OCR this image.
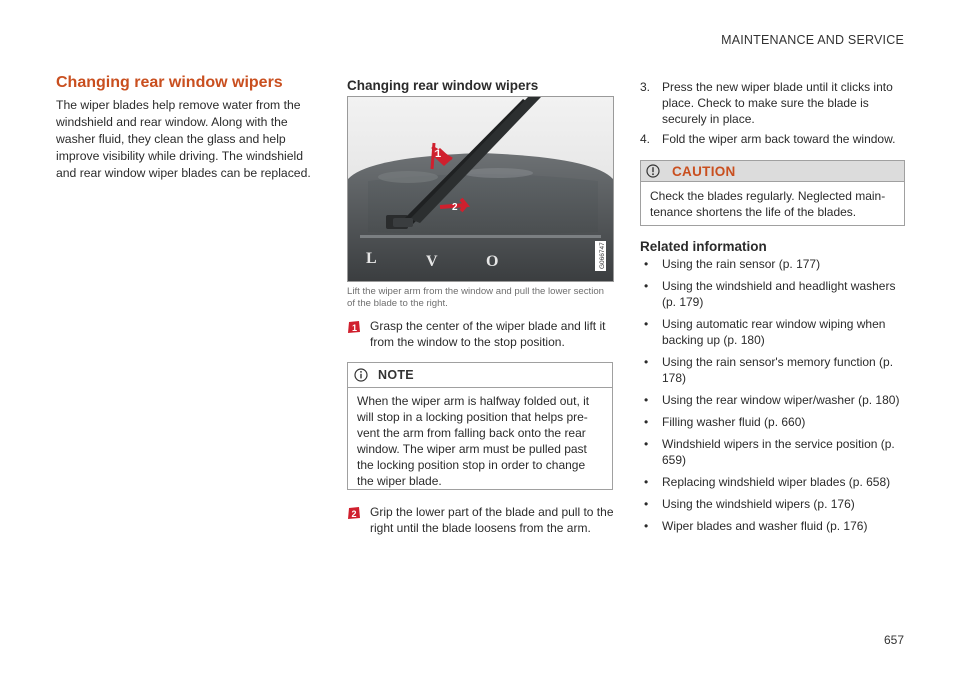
MAINTENANCE AND SERVICE
Changing rear window wipers

The wiper blades help remove water from the windshield and rear window. Along with the washer fluid, they clean the glass and help improve visibility while driving. The windshield and rear window wiper blades can be replaced.

Changing rear window wipers
1
2
L	V	O	G066747

Lift the wiper arm from the window and pull the lower section of the blade to the right.

1 Grasp the center of the wiper blade and lift it from the window to the stop position.

NOTE

When the wiper arm is halfway folded out, it will stop in a locking position that helps pre-vent the arm from falling back onto the rear window. The wiper arm must be pulled past the locking position stop in order to change the wiper blade.

2 Grip the lower part of the blade and pull to the right until the blade loosens from the arm.

3. Press the new wiper blade until it clicks into place. Check to make sure the blade is securely in place.

4. Fold the wiper arm back toward the window.

CAUTION

Check the blades regularly. Neglected main-tenance shortens the life of the blades.

Related information
• Using the rain sensor (p. 177)
• Using the windshield and headlight washers (p. 179)
• Using automatic rear window wiping when backing up (p. 180)
• Using the rain sensor's memory function (p. 178)
• Using the rear window wiper/washer (p. 180)
• Filling washer fluid (p. 660)
• Windshield wipers in the service position (p. 659)
• Replacing windshield wiper blades (p. 658)
• Using the windshield wipers (p. 176)
• Wiper blades and washer fluid (p. 176)
657
